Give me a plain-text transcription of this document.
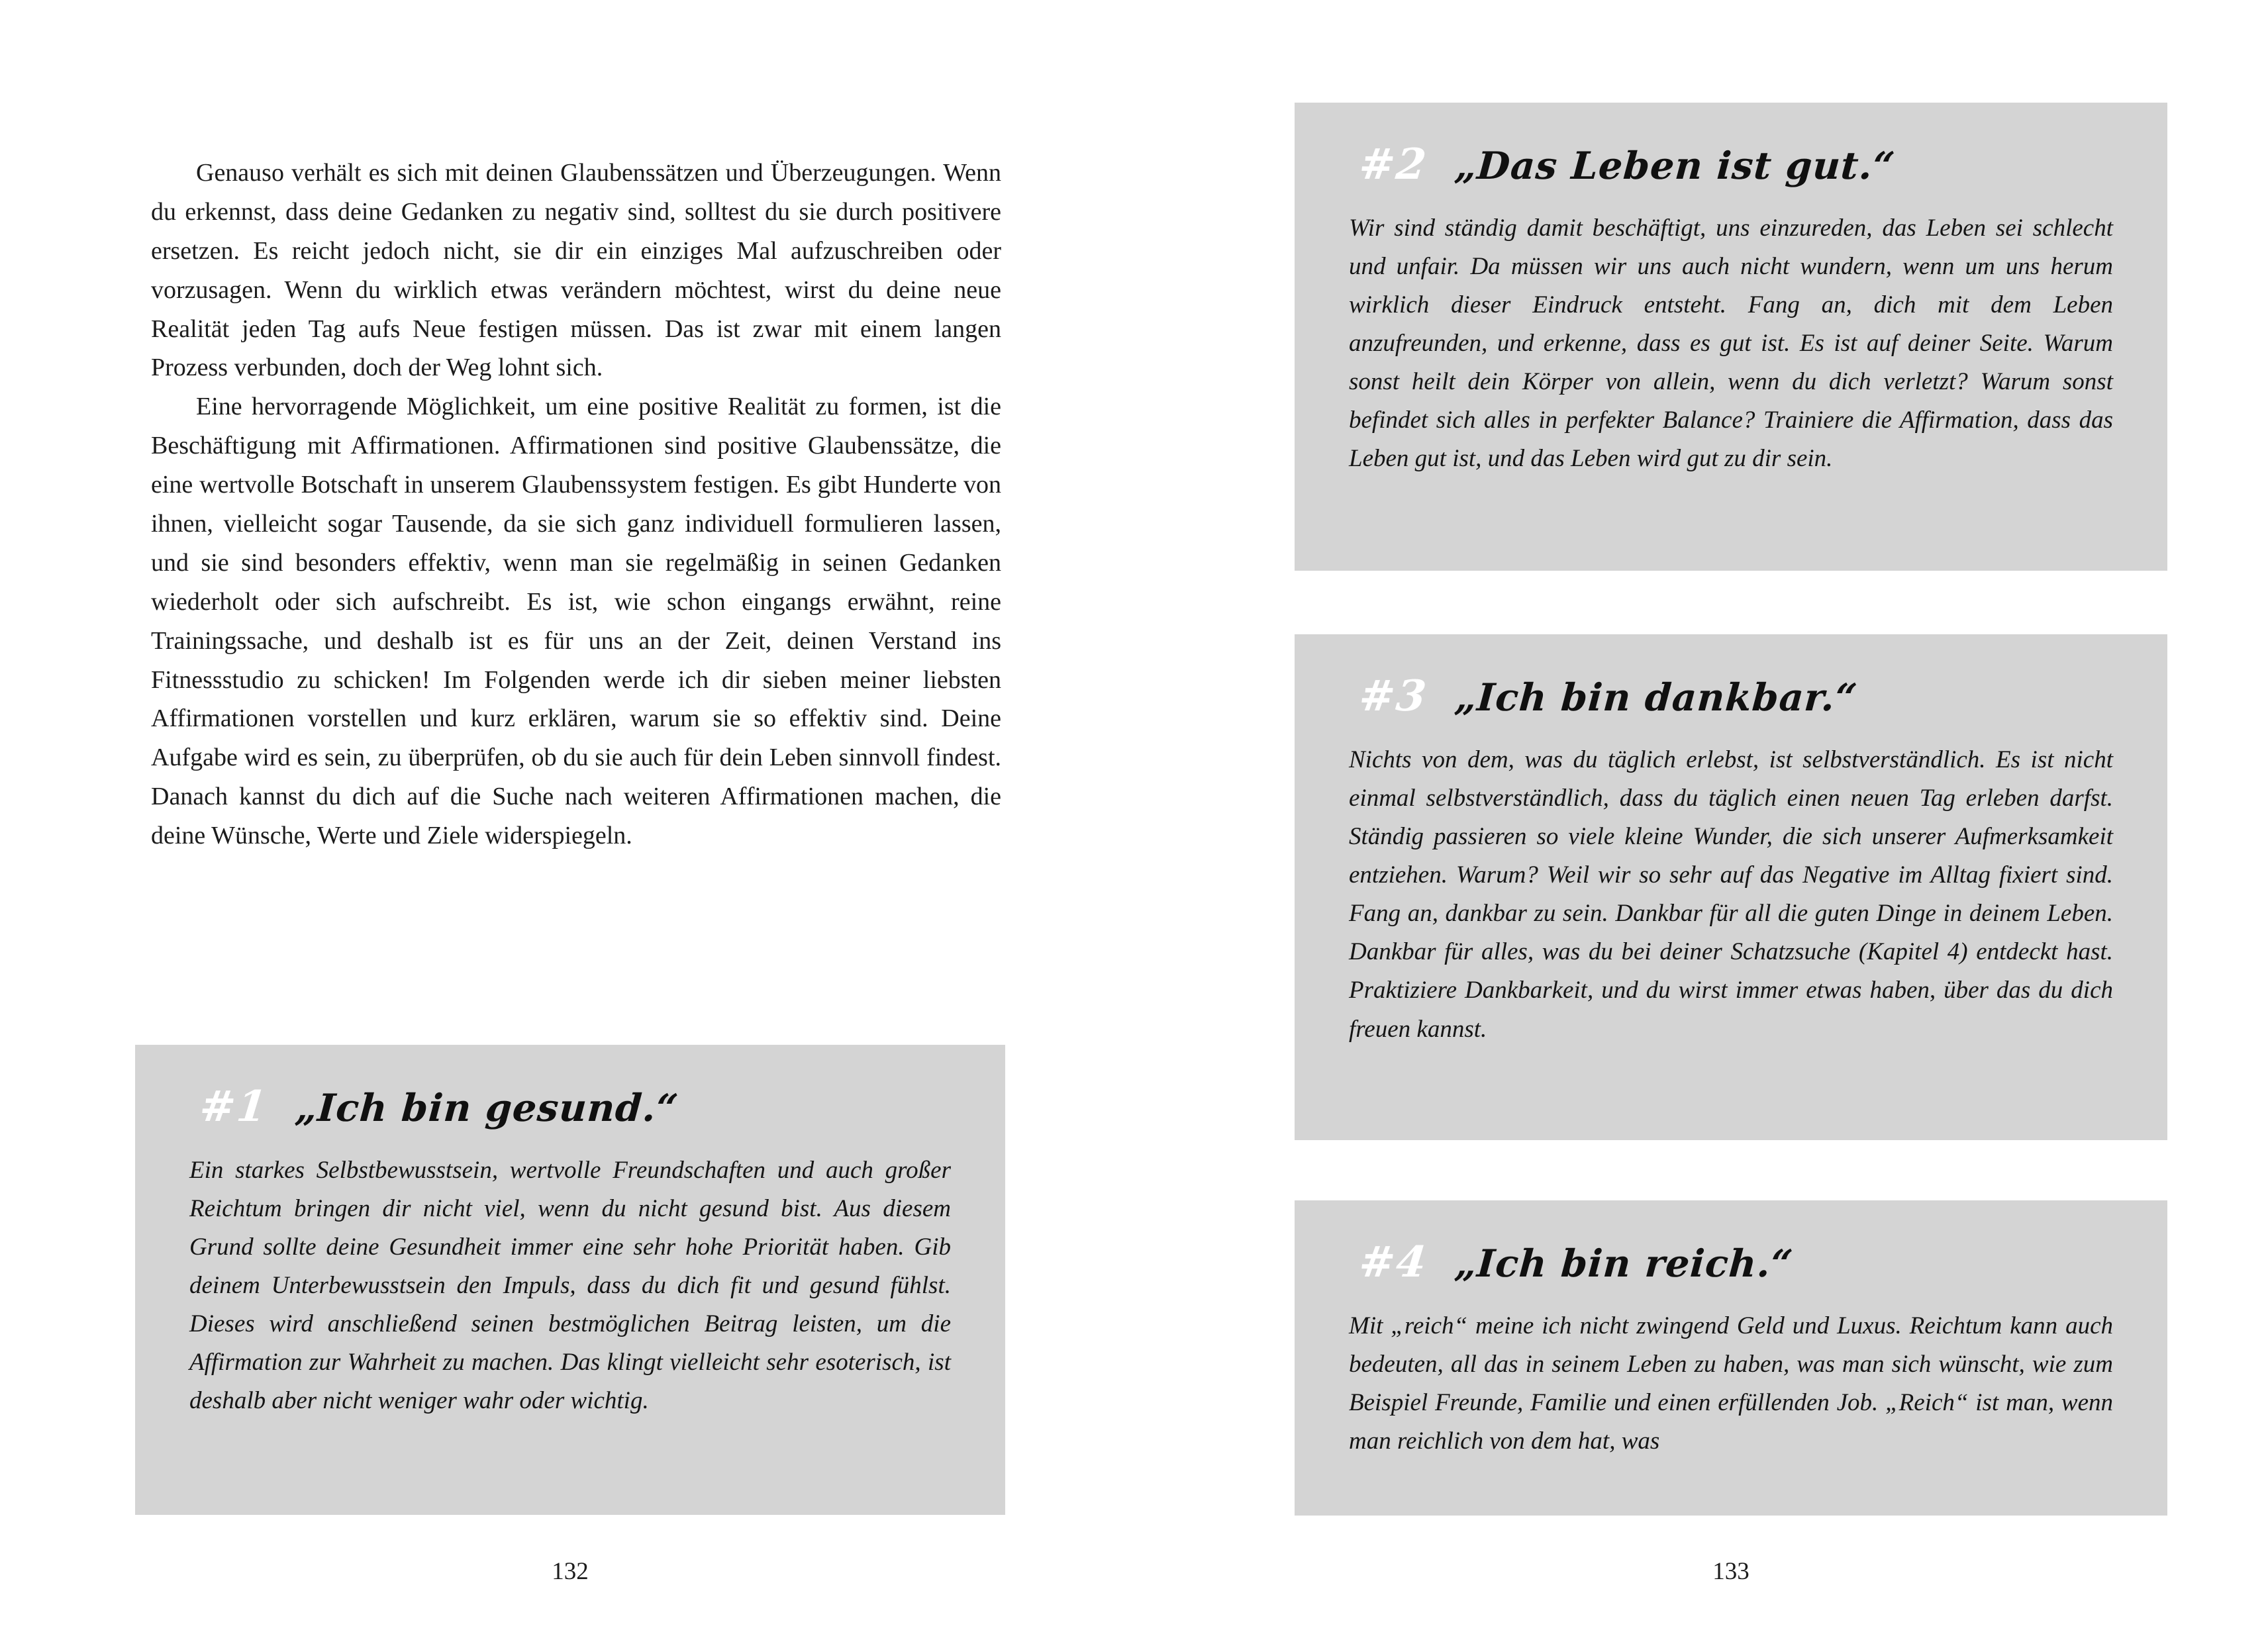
Genauso verhält es sich mit deinen Glaubenssätzen und Überzeugungen. Wenn du erkennst, dass deine Gedanken zu negativ sind, solltest du sie durch positivere ersetzen. Es reicht jedoch nicht, sie dir ein einziges Mal aufzuschreiben oder vorzusagen. Wenn du wirklich etwas verändern möchtest, wirst du deine neue Realität jeden Tag aufs Neue festigen müssen. Das ist zwar mit einem langen Prozess verbunden, doch der Weg lohnt sich.

Eine hervorragende Möglichkeit, um eine positive Realität zu formen, ist die Beschäftigung mit Affirmationen. Affirmationen sind positive Glaubenssätze, die eine wertvolle Botschaft in unserem Glaubenssystem festigen. Es gibt Hunderte von ihnen, vielleicht sogar Tausende, da sie sich ganz individuell formulieren lassen, und sie sind besonders effektiv, wenn man sie regelmäßig in seinen Gedanken wiederholt oder sich aufschreibt. Es ist, wie schon eingangs erwähnt, reine Trainingssache, und deshalb ist es für uns an der Zeit, deinen Verstand ins Fitnessstudio zu schicken! Im Folgenden werde ich dir sieben meiner liebsten Affirmationen vorstellen und kurz erklären, warum sie so effektiv sind. Deine Aufgabe wird es sein, zu überprüfen, ob du sie auch für dein Leben sinnvoll findest. Danach kannst du dich auf die Suche nach weiteren Affirmationen machen, die deine Wünsche, Werte und Ziele widerspiegeln.

#1 „Ich bin gesund.“
Ein starkes Selbstbewusstsein, wertvolle Freundschaften und auch großer Reichtum bringen dir nicht viel, wenn du nicht gesund bist. Aus diesem Grund sollte deine Gesundheit immer eine sehr hohe Priorität haben. Gib deinem Unterbewusstsein den Impuls, dass du dich fit und gesund fühlst. Dieses wird anschließend seinen bestmöglichen Beitrag leisten, um die Affirmation zur Wahrheit zu machen. Das klingt vielleicht sehr esoterisch, ist deshalb aber nicht weniger wahr oder wichtig.
132
#2 „Das Leben ist gut.“
Wir sind ständig damit beschäftigt, uns einzureden, das Leben sei schlecht und unfair. Da müssen wir uns auch nicht wundern, wenn um uns herum wirklich dieser Eindruck entsteht. Fang an, dich mit dem Leben anzufreunden, und erkenne, dass es gut ist. Es ist auf deiner Seite. Warum sonst heilt dein Körper von allein, wenn du dich verletzt? Warum sonst befindet sich alles in perfekter Balance? Trainiere die Affirmation, dass das Leben gut ist, und das Leben wird gut zu dir sein.
#3 „Ich bin dankbar.“
Nichts von dem, was du täglich erlebst, ist selbstverständlich. Es ist nicht einmal selbstverständlich, dass du täglich einen neuen Tag erleben darfst. Ständig passieren so viele kleine Wunder, die sich unserer Aufmerksamkeit entziehen. Warum? Weil wir so sehr auf das Negative im Alltag fixiert sind. Fang an, dankbar zu sein. Dankbar für all die guten Dinge in deinem Leben. Dankbar für alles, was du bei deiner Schatzsuche (Kapitel 4) entdeckt hast. Praktiziere Dankbarkeit, und du wirst immer etwas haben, über das du dich freuen kannst.
#4 „Ich bin reich.“
Mit „reich“ meine ich nicht zwingend Geld und Luxus. Reichtum kann auch bedeuten, all das in seinem Leben zu haben, was man sich wünscht, wie zum Beispiel Freunde, Familie und einen erfüllenden Job. „Reich“ ist man, wenn man reichlich von dem hat, was
133
